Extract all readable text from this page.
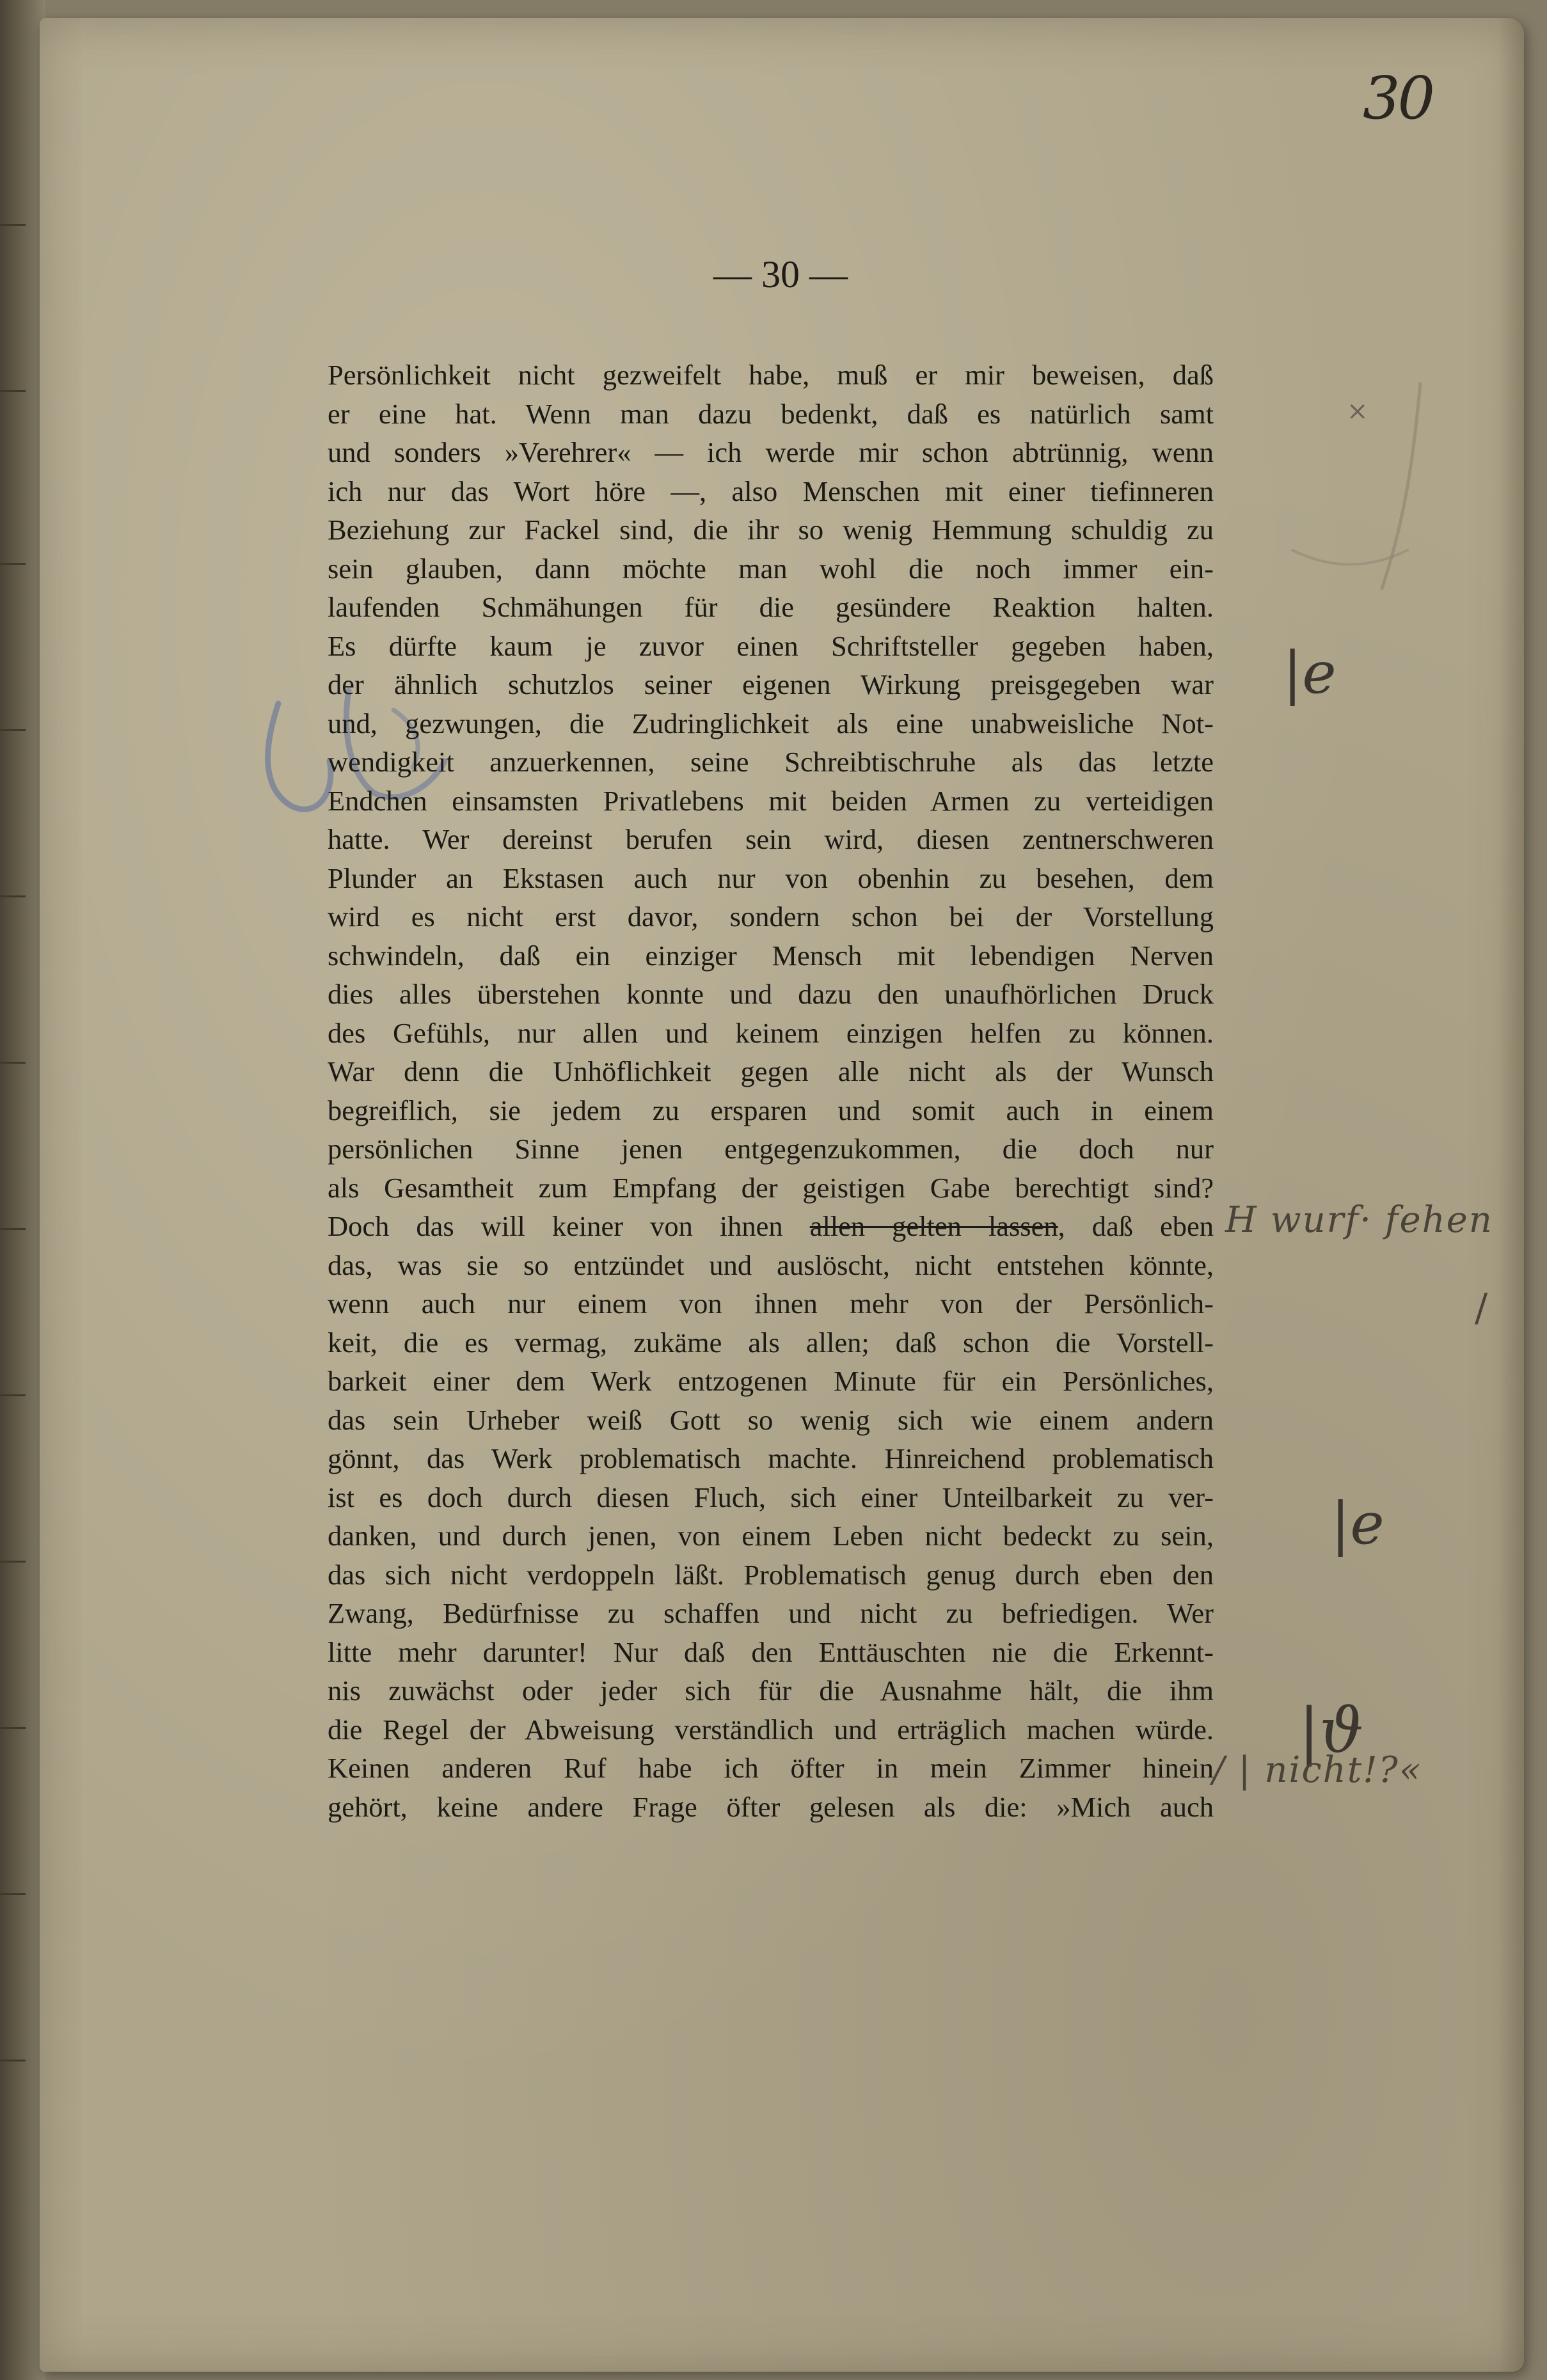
30
— 30 —
Persönlichkeit nicht gezweifelt habe, muß er mir beweisen, daß
er eine hat. Wenn man dazu bedenkt, daß es natürlich samt
und sonders »Verehrer« — ich werde mir schon abtrünnig, wenn
ich nur das Wort höre —, also Menschen mit einer tiefinneren
Beziehung zur Fackel sind, die ihr so wenig Hemmung schuldig zu
sein glauben, dann möchte man wohl die noch immer ein-
laufenden Schmähungen für die gesündere Reaktion halten.
Es dürfte kaum je zuvor einen Schriftsteller gegeben haben,
der ähnlich schutzlos seiner eigenen Wirkung preisgegeben war
und, gezwungen, die Zudringlichkeit als eine unabweisliche Not-
wendigkeit anzuerkennen, seine Schreibtischruhe als das letzte
Endchen einsamsten Privatlebens mit beiden Armen zu verteidigen
hatte. Wer dereinst berufen sein wird, diesen zentnerschweren
Plunder an Ekstasen auch nur von obenhin zu besehen, dem
wird es nicht erst davor, sondern schon bei der Vorstellung
schwindeln, daß ein einziger Mensch mit lebendigen Nerven
dies alles überstehen konnte und dazu den unaufhörlichen Druck
des Gefühls, nur allen und keinem einzigen helfen zu können.
War denn die Unhöflichkeit gegen alle nicht als der Wunsch
begreiflich, sie jedem zu ersparen und somit auch in einem
persönlichen Sinne jenen entgegenzukommen, die doch nur
als Gesamtheit zum Empfang der geistigen Gabe berechtigt sind?
Doch das will keiner von ihnen allen gelten lassen, daß eben
das, was sie so entzündet und auslöscht, nicht entstehen könnte,
wenn auch nur einem von ihnen mehr von der Persönlich-
keit, die es vermag, zukäme als allen; daß schon die Vorstell-
barkeit einer dem Werk entzogenen Minute für ein Persönliches,
das sein Urheber weiß Gott so wenig sich wie einem andern
gönnt, das Werk problematisch machte. Hinreichend problematisch
ist es doch durch diesen Fluch, sich einer Unteilbarkeit zu ver-
danken, und durch jenen, von einem Leben nicht bedeckt zu sein,
das sich nicht verdoppeln läßt. Problematisch genug durch eben den
Zwang, Bedürfnisse zu schaffen und nicht zu befriedigen. Wer
litte mehr darunter! Nur daß den Enttäuschten nie die Erkennt-
nis zuwächst oder jeder sich für die Ausnahme hält, die ihm
die Regel der Abweisung verständlich und erträglich machen würde.
Keinen anderen Ruf habe ich öfter in mein Zimmer hinein
gehört, keine andere Frage öfter gelesen als die: »Mich auch
×
|e
H wurf· fehen
/
|e
|ϑ
/ | nicht!?«
